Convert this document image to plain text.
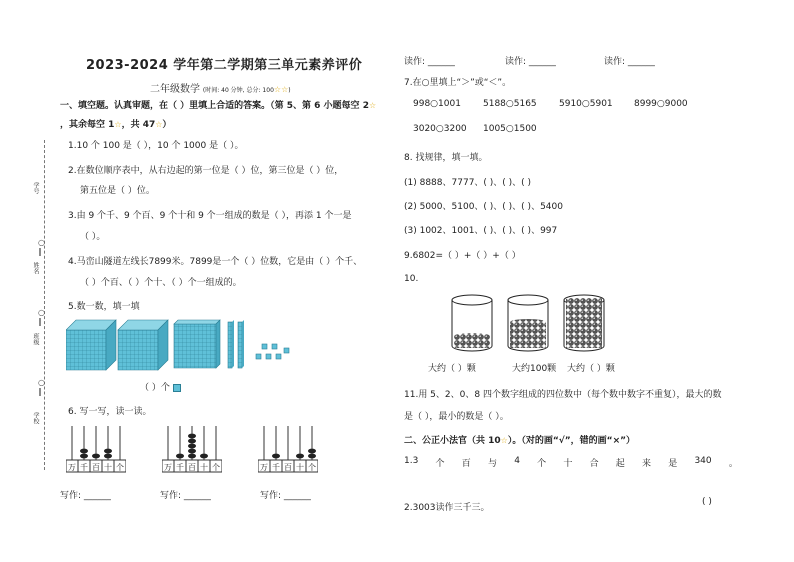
学号
姓名
班级
学校
○
‖
○
‖
○
‖
2023-2024 学年第二学期第三单元素养评价
二年级数学 (时间: 40 分钟, 总分: 100☆☆)
一、填空题。认真审题，在（ ）里填上合适的答案。（第 5、第 6 小题每空 2☆
，其余每空 1☆，共 47☆）
1.10 个 100 是（ ），10 个 1000 是（ ）。
2.在数位顺序表中，从右边起的第一位是（ ）位，第三位是（ ）位，
第五位是（ ）位。
3.由 9 个千、9 个百、9 个十和 9 个一组成的数是（ ），再添 1 个一是
（ ）。
4.马峦山隧道左线长7899米。7899是一个（ ）位数，它是由（ ）个千、
（ ）个百、（ ）个十、（ ）个一组成的。
5.数一数，填一填
（ ）个
6. 写一写，读一读。
万 千 百 十 个	万 千 百 十 个	万 千 百 十 个
写作: ______	写作: ______	写作: ______
读作: ______	读作: ______	读作: ______
7.在○里填上“＞”或“＜”。
998○1001 5188○5165 5910○5901 8999○9000
3020○3200 1005○1500
8. 找规律，填一填。
(1) 8888、7777、( )、( )、( )
(2) 5000、5100、( )、( )、( )、5400
(3) 1002、1001、( )、( )、( )、997
9.6802=（ ）+（ ）+（ ）
10.
大约（ ）颗	大约100颗 大约（ ）颗
11.用 5、2、0、8 四个数字组成的四位数中（每个数中数字不重复），最大的数
是（ ），最小的数是（ ）。
二、公正小法官（共 10☆）。（对的画“√”，错的画“×”）
1.3 个 百 与 4 个 十 合 起 来 是 340 。
2.3003读作三千三。
( )
